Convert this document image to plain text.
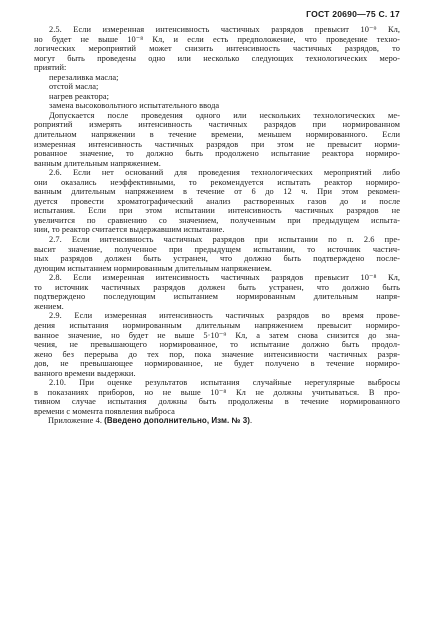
ГОСТ 20690—75 С. 17
2.5. Если измеренная интенсивность частичных разрядов превысит 10⁻⁹ Кл,
но будет не выше 10⁻⁸ Кл, и если есть предположение, что проведение техно-
логических мероприятий может снизить интенсивность частичных разрядов, то
могут быть проведены одно или несколько следующих технологических меро-
приятий:
перезаливка масла;
отстой масла;
нагрев реактора;
замена высоковольтного испытательного ввода
Допускается после проведения одного или нескольких технологических ме-
роприятий измерять интенсивность частичных разрядов при нормированном
длительном напряжении в течение времени, меньшем нормированного. Если
измеренная интенсивность частичных разрядов при этом не превысит норми-
рованное значение, то должно быть продолжено испытание реактора нормиро-
ванным длительным напряжением.
2.6. Если нет оснований для проведения технологических мероприятий либо
они оказались неэффективными, то рекомендуется испытать реактор нормиро-
ванным длительным напряжением в течение от 6 до 12 ч. При этом рекомен-
дуется провести хроматографический анализ растворенных газов до и после
испытания. Если при этом испытании интенсивность частичных разрядов не
увеличится по сравнению со значением, полученным при предыдущем испыта-
нии, то реактор считается выдержавшим испытание.
2.7. Если интенсивность частичных разрядов при испытании по п. 2.6 пре-
высит значение, полученное при предыдущем испытании, то источник частич-
ных разрядов должен быть устранен, что должно быть подтверждено после-
дующим испытанием нормированным длительным напряжением.
2.8. Если измеренная интенсивность частичных разрядов превысит 10⁻⁸ Кл,
то источник частичных разрядов должен быть устранен, что должно быть
подтверждено последующим испытанием нормированным длительным напря-
жением.
2.9. Если измеренная интенсивность частичных разрядов во время прове-
дения испытания нормированным длительным напряжением превысит нормиро-
ванное значение, но будет не выше 5·10⁻⁹ Кл, а затем снова снизится до зна-
чения, не превышающего нормированное, то испытание должно быть продол-
жено без перерыва до тех пор, пока значение интенсивности частичных разря-
дов, не превышающее нормированное, не будет получено в течение нормиро-
ванного времени выдержки.
2.10. При оценке результатов испытания случайные нерегулярные выбросы
в показаниях приборов, но не выше 10⁻⁸ Кл не должны учитываться. В про-
тивном случае испытания должны быть продолжены в течение нормированного
времени с момента появления выброса
Приложение 4. (Введено дополнительно, Изм. № 3).
